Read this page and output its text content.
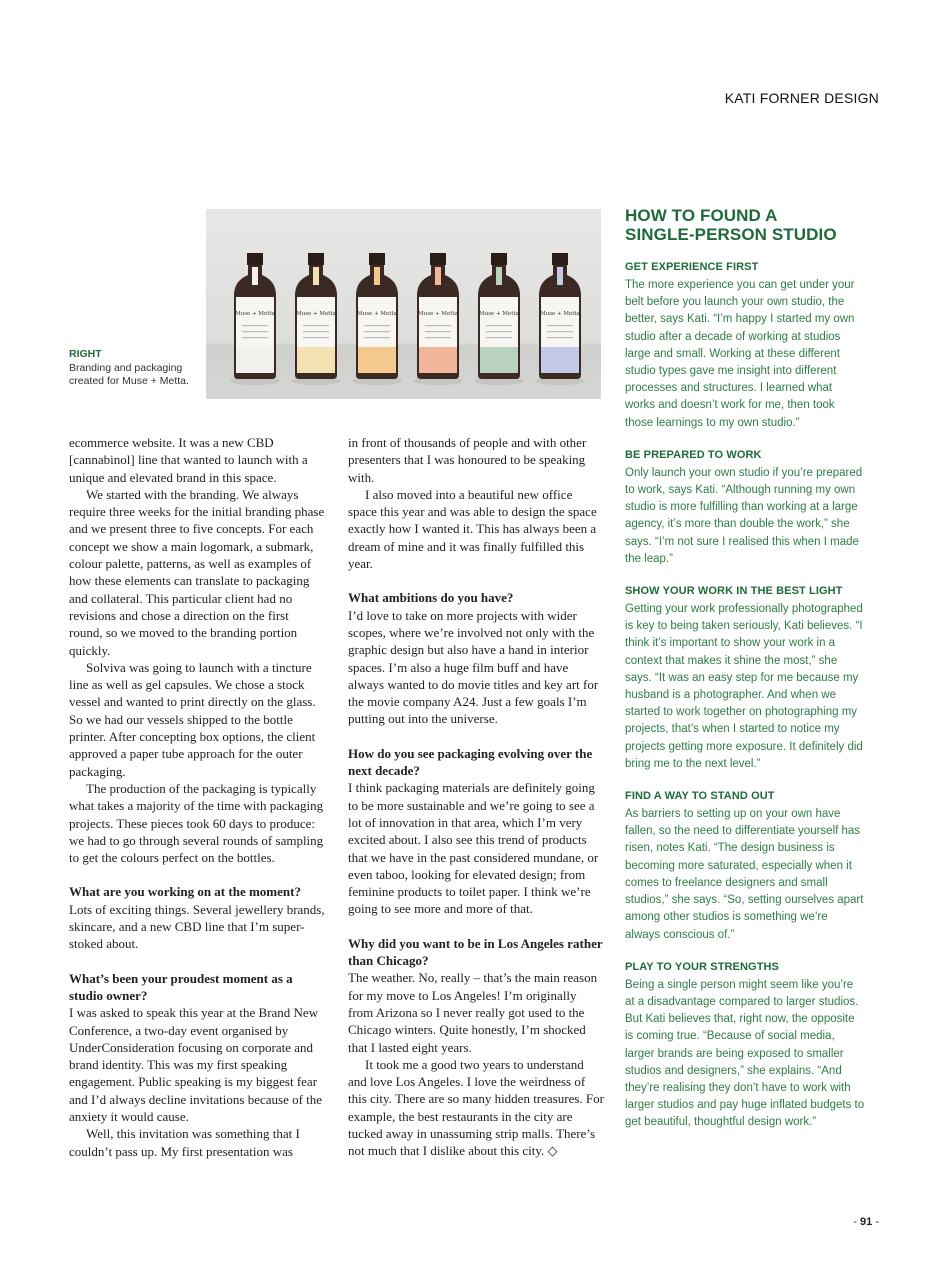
KATI FORNER DESIGN
Muse + Metta	Muse + Metta	Muse + Metta	Muse + Metta	Muse + Metta	Muse + Metta
RIGHT
Branding and packaging created for Muse + Metta.

ecommerce website. It was a new CBD [cannabinol] line that wanted to launch with a unique and elevated brand in this space.

We started with the branding. We always require three weeks for the initial branding phase and we present three to five concepts. For each concept we show a main logomark, a submark, colour palette, patterns, as well as examples of how these elements can translate to packaging and collateral. This particular client had no revisions and chose a direction on the first round, so we moved to the branding portion quickly.

Solviva was going to launch with a tincture line as well as gel capsules. We chose a stock vessel and wanted to print directly on the glass. So we had our vessels shipped to the bottle printer. After concepting box options, the client approved a paper tube approach for the outer packaging.

The production of the packaging is typically what takes a majority of the time with packaging projects. These pieces took 60 days to produce: we had to go through several rounds of sampling to get the colours perfect on the bottles.

What are you working on at the moment?

Lots of exciting things. Several jewellery brands, skincare, and a new CBD line that I’m super-stoked about.

What’s been your proudest moment as a studio owner?

I was asked to speak this year at the Brand New Conference, a two-day event organised by UnderConsideration focusing on corporate and brand identity. This was my first speaking engagement. Public speaking is my biggest fear and I’d always decline invitations because of the anxiety it would cause.

Well, this invitation was something that I couldn’t pass up. My first presentation was

in front of thousands of people and with other presenters that I was honoured to be speaking with.

I also moved into a beautiful new office space this year and was able to design the space exactly how I wanted it. This has always been a dream of mine and it was finally fulfilled this year.

What ambitions do you have?

I’d love to take on more projects with wider scopes, where we’re involved not only with the graphic design but also have a hand in interior spaces. I’m also a huge film buff and have always wanted to do movie titles and key art for the movie company A24. Just a few goals I’m putting out into the universe.

How do you see packaging evolving over the next decade?

I think packaging materials are definitely going to be more sustainable and we’re going to see a lot of innovation in that area, which I’m very excited about. I also see this trend of products that we have in the past considered mundane, or even taboo, looking for elevated design; from feminine products to toilet paper. I think we’re going to see more and more of that.

Why did you want to be in Los Angeles rather than Chicago?

The weather. No, really – that’s the main reason for my move to Los Angeles! I’m originally from Arizona so I never really got used to the Chicago winters. Quite honestly, I’m shocked that I lasted eight years.

It took me a good two years to understand and love Los Angeles. I love the weirdness of this city. There are so many hidden treasures. For example, the best restaurants in the city are tucked away in unassuming strip malls. There’s not much that I dislike about this city. ◇

HOW TO FOUND A
SINGLE-PERSON STUDIO
GET EXPERIENCE FIRST

The more experience you can get under your belt before you launch your own studio, the better, says Kati. “I’m happy I started my own studio after a decade of working at studios large and small. Working at these different studio types gave me insight into different processes and structures. I learned what works and doesn’t work for me, then took those learnings to my own studio.”

BE PREPARED TO WORK

Only launch your own studio if you’re prepared to work, says Kati. “Although running my own studio is more fulfilling than working at a large agency, it’s more than double the work,” she says. “I’m not sure I realised this when I made the leap.”

SHOW YOUR WORK IN THE BEST LIGHT

Getting your work professionally photographed is key to being taken seriously, Kati believes. “I think it’s important to show your work in a context that makes it shine the most,” she says. “It was an easy step for me because my husband is a photographer. And when we started to work together on photographing my projects, that’s when I started to notice my projects getting more exposure. It definitely did bring me to the next level.”

FIND A WAY TO STAND OUT

As barriers to setting up on your own have fallen, so the need to differentiate yourself has risen, notes Kati. “The design business is becoming more saturated, especially when it comes to freelance designers and small studios,” she says. “So, setting ourselves apart among other studios is something we’re always conscious of.”

PLAY TO YOUR STRENGTHS

Being a single person might seem like you’re at a disadvantage compared to larger studios. But Kati believes that, right now, the opposite is coming true. “Because of social media, larger brands are being exposed to smaller studios and designers,” she explains. “And they’re realising they don’t have to work with larger studios and pay huge inflated budgets to get beautiful, thoughtful design work.”

- 91 -
